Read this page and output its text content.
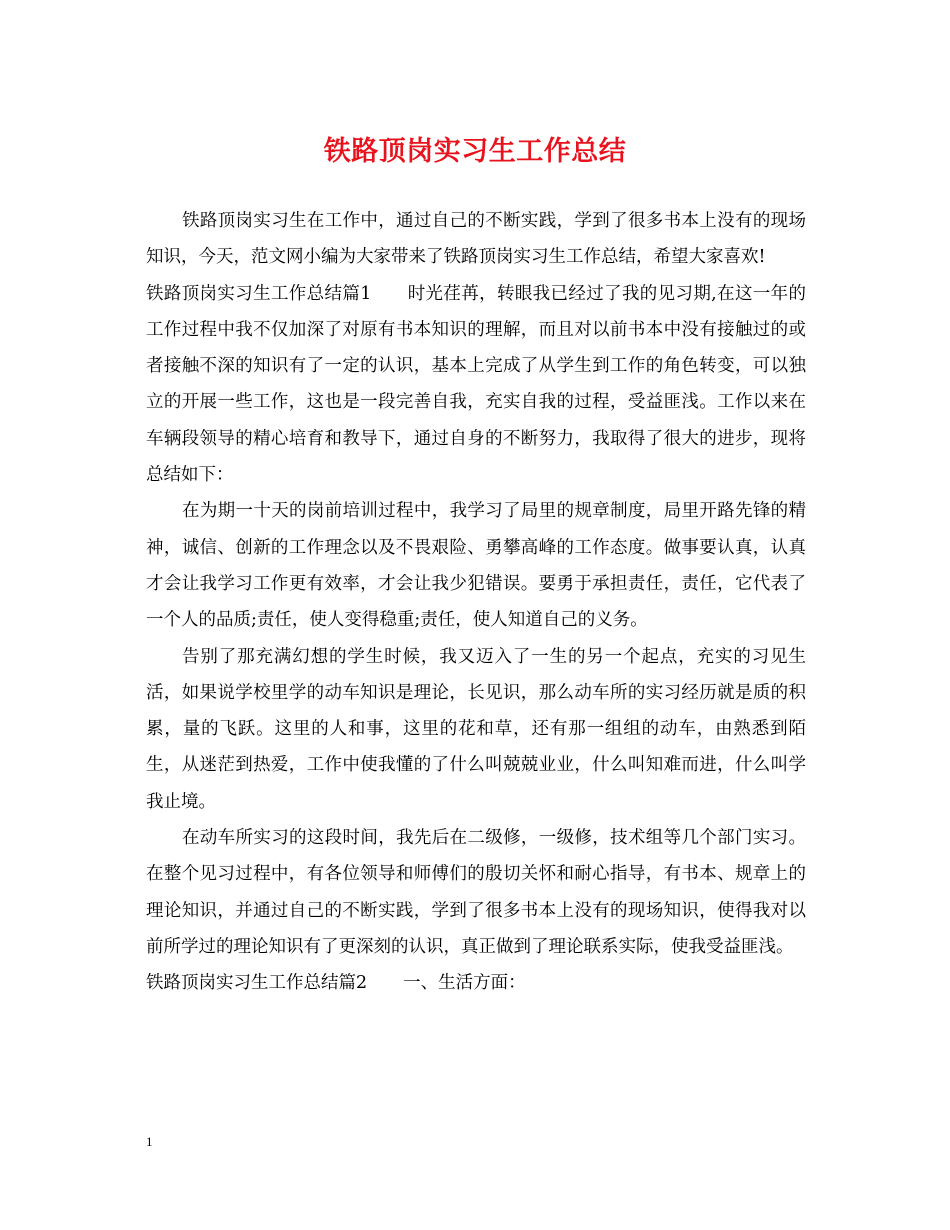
铁路顶岗实习生工作总结

铁路顶岗实习生在工作中，通过自己的不断实践，学到了很多书本上没有的现场知识，今天，范文网小编为大家带来了铁路顶岗实习生工作总结，希望大家喜欢!

铁路顶岗实习生工作总结篇1 时光荏苒，转眼我已经过了我的见习期,在这一年的工作过程中我不仅加深了对原有书本知识的理解，而且对以前书本中没有接触过的或者接触不深的知识有了一定的认识，基本上完成了从学生到工作的角色转变，可以独立的开展一些工作，这也是一段完善自我，充实自我的过程，受益匪浅。工作以来在车辆段领导的精心培育和教导下，通过自身的不断努力，我取得了很大的进步，现将总结如下：

在为期一十天的岗前培训过程中，我学习了局里的规章制度，局里开路先锋的精神，诚信、创新的工作理念以及不畏艰险、勇攀高峰的工作态度。做事要认真，认真才会让我学习工作更有效率，才会让我少犯错误。要勇于承担责任，责任，它代表了一个人的品质;责任，使人变得稳重;责任，使人知道自己的义务。

告别了那充满幻想的学生时候，我又迈入了一生的另一个起点，充实的习见生活，如果说学校里学的动车知识是理论，长见识，那么动车所的实习经历就是质的积累，量的飞跃。这里的人和事，这里的花和草，还有那一组组的动车，由熟悉到陌生，从迷茫到热爱，工作中使我懂的了什么叫兢兢业业，什么叫知难而进，什么叫学我止境。

在动车所实习的这段时间，我先后在二级修，一级修，技术组等几个部门实习。在整个见习过程中，有各位领导和师傅们的殷切关怀和耐心指导，有书本、规章上的理论知识，并通过自己的不断实践，学到了很多书本上没有的现场知识，使得我对以前所学过的理论知识有了更深刻的认识，真正做到了理论联系实际，使我受益匪浅。

铁路顶岗实习生工作总结篇2 一、生活方面：

1
